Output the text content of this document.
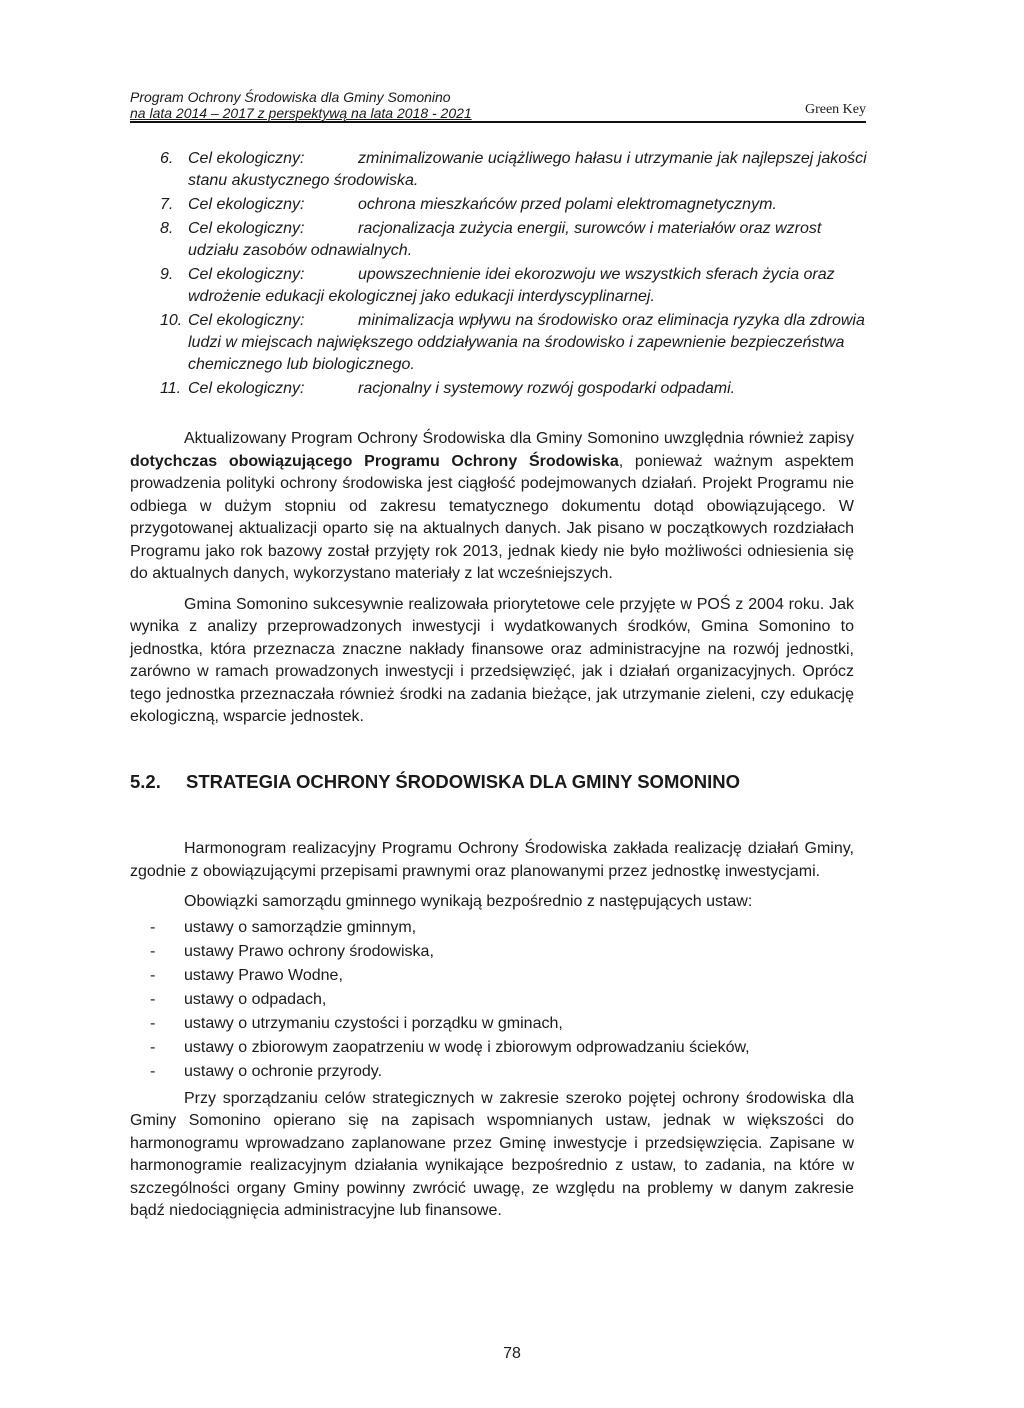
Program Ochrony Środowiska dla Gminy Somonino
na lata 2014 – 2017 z perspektywą na lata 2018 - 2021	Green Key
6. Cel ekologiczny:	zminimalizowanie uciążliwego hałasu i utrzymanie jak najlepszej jakości stanu akustycznego środowiska.
7. Cel ekologiczny:	ochrona mieszkańców przed polami elektromagnetycznym.
8. Cel ekologiczny:	racjonalizacja zużycia energii, surowców i materiałów oraz wzrost udziału zasobów odnawialnych.
9. Cel ekologiczny:	upowszechnienie idei ekorozwoju we wszystkich sferach życia oraz wdrożenie edukacji ekologicznej jako edukacji interdyscyplinarnej.
10. Cel ekologiczny:	minimalizacja wpływu na środowisko oraz eliminacja ryzyka dla zdrowia ludzi w miejscach największego oddziaływania na środowisko i zapewnienie bezpieczeństwa chemicznego lub biologicznego.
11. Cel ekologiczny:	racjonalny i systemowy rozwój gospodarki odpadami.

Aktualizowany Program Ochrony Środowiska dla Gminy Somonino uwzględnia również zapisy dotychczas obowiązującego Programu Ochrony Środowiska, ponieważ ważnym aspektem prowadzenia polityki ochrony środowiska jest ciągłość podejmowanych działań. Projekt Programu nie odbiega w dużym stopniu od zakresu tematycznego dokumentu dotąd obowiązującego. W przygotowanej aktualizacji oparto się na aktualnych danych. Jak pisano w początkowych rozdziałach Programu jako rok bazowy został przyjęty rok 2013, jednak kiedy nie było możliwości odniesienia się do aktualnych danych, wykorzystano materiały z lat wcześniejszych.

Gmina Somonino sukcesywnie realizowała priorytetowe cele przyjęte w POŚ z 2004 roku. Jak wynika z analizy przeprowadzonych inwestycji i wydatkowanych środków, Gmina Somonino to jednostka, która przeznacza znaczne nakłady finansowe oraz administracyjne na rozwój jednostki, zarówno w ramach prowadzonych inwestycji i przedsięwzięć, jak i działań organizacyjnych. Oprócz tego jednostka przeznaczała również środki na zadania bieżące, jak utrzymanie zieleni, czy edukację ekologiczną, wsparcie jednostek.

5.2. STRATEGIA OCHRONY ŚRODOWISKA DLA GMINY SOMONINO

Harmonogram realizacyjny Programu Ochrony Środowiska zakłada realizację działań Gminy, zgodnie z obowiązującymi przepisami prawnymi oraz planowanymi przez jednostkę inwestycjami.

Obowiązki samorządu gminnego wynikają bezpośrednio z następujących ustaw:

- ustawy o samorządzie gminnym,
- ustawy Prawo ochrony środowiska,
- ustawy Prawo Wodne,
- ustawy o odpadach,
- ustawy o utrzymaniu czystości i porządku w gminach,
- ustawy o zbiorowym zaopatrzeniu w wodę i zbiorowym odprowadzaniu ścieków,
- ustawy o ochronie przyrody.

Przy sporządzaniu celów strategicznych w zakresie szeroko pojętej ochrony środowiska dla Gminy Somonino opierano się na zapisach wspomnianych ustaw, jednak w większości do harmonogramu wprowadzano zaplanowane przez Gminę inwestycje i przedsięwzięcia. Zapisane w harmonogramie realizacyjnym działania wynikające bezpośrednio z ustaw, to zadania, na które w szczególności organy Gminy powinny zwrócić uwagę, ze względu na problemy w danym zakresie bądź niedociągnięcia administracyjne lub finansowe.

78
